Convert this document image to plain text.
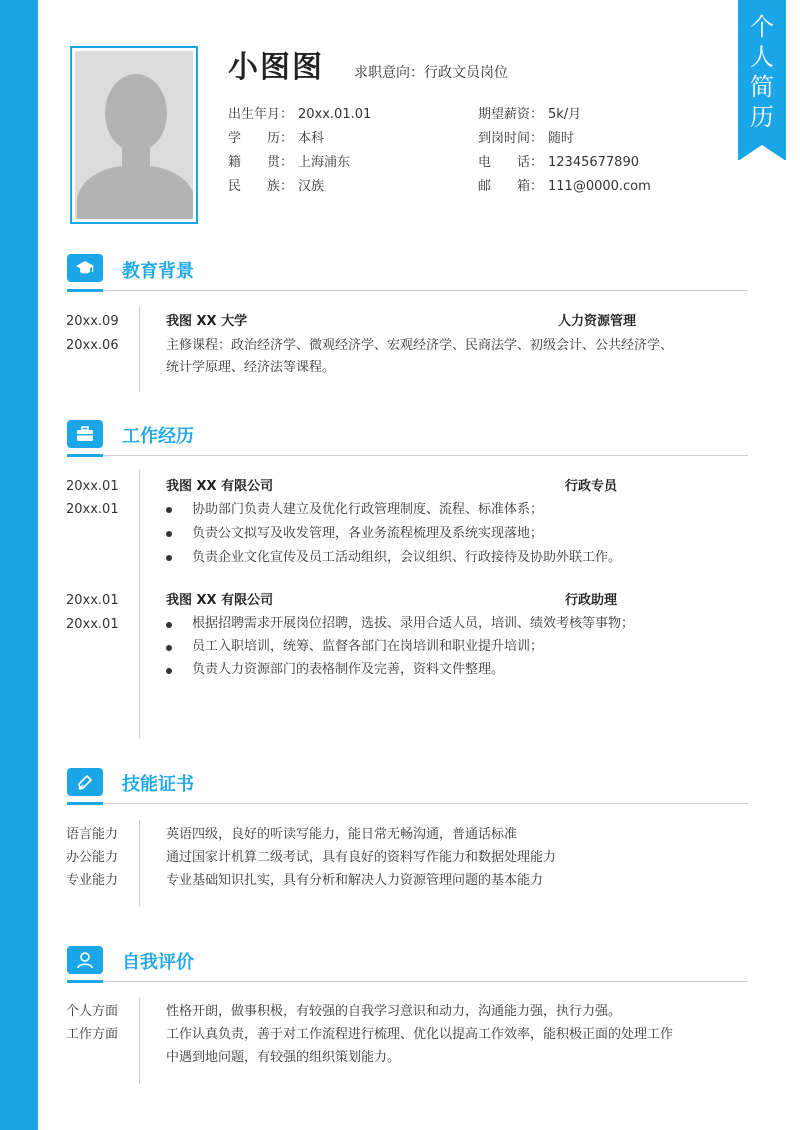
个
人
简
历
小图图 求职意向：行政文员岗位
出生年月： 20xx.01.01
学　　历： 本科
籍　　贯： 上海浦东
民　　族： 汉族
期望薪资： 5k/月
到岗时间： 随时
电　　话： 12345677890
邮　　箱： 111@0000.com
教育背景
20xx.09
20xx.06
我图 XX 大学	人力资源管理
主修课程：政治经济学、微观经济学、宏观经济学、民商法学、初级会计、公共经济学、
统计学原理、经济法等课程。
工作经历
20xx.01
20xx.01
我图 XX 有限公司	行政专员
协助部门负责人建立及优化行政管理制度、流程、标准体系；
负责公文拟写及收发管理，各业务流程梳理及系统实现落地；
负责企业文化宣传及员工活动组织，会议组织、行政接待及协助外联工作。
20xx.01
20xx.01
我图 XX 有限公司	行政助理
根据招聘需求开展岗位招聘，选拔、录用合适人员，培训、绩效考核等事物；
员工入职培训，统筹、监督各部门在岗培训和职业提升培训；
负责人力资源部门的表格制作及完善，资料文件整理。
技能证书
语言能力	英语四级，良好的听读写能力，能日常无畅沟通，普通话标准
办公能力	通过国家计机算二级考试，具有良好的资料写作能力和数据处理能力
专业能力	专业基础知识扎实，具有分析和解决人力资源管理问题的基本能力
自我评价
个人方面	性格开朗，做事积极，有较强的自我学习意识和动力，沟通能力强，执行力强。
工作方面	工作认真负责，善于对工作流程进行梳理、优化以提高工作效率，能积极正面的处理工作
中遇到地问题，有较强的组织策划能力。
